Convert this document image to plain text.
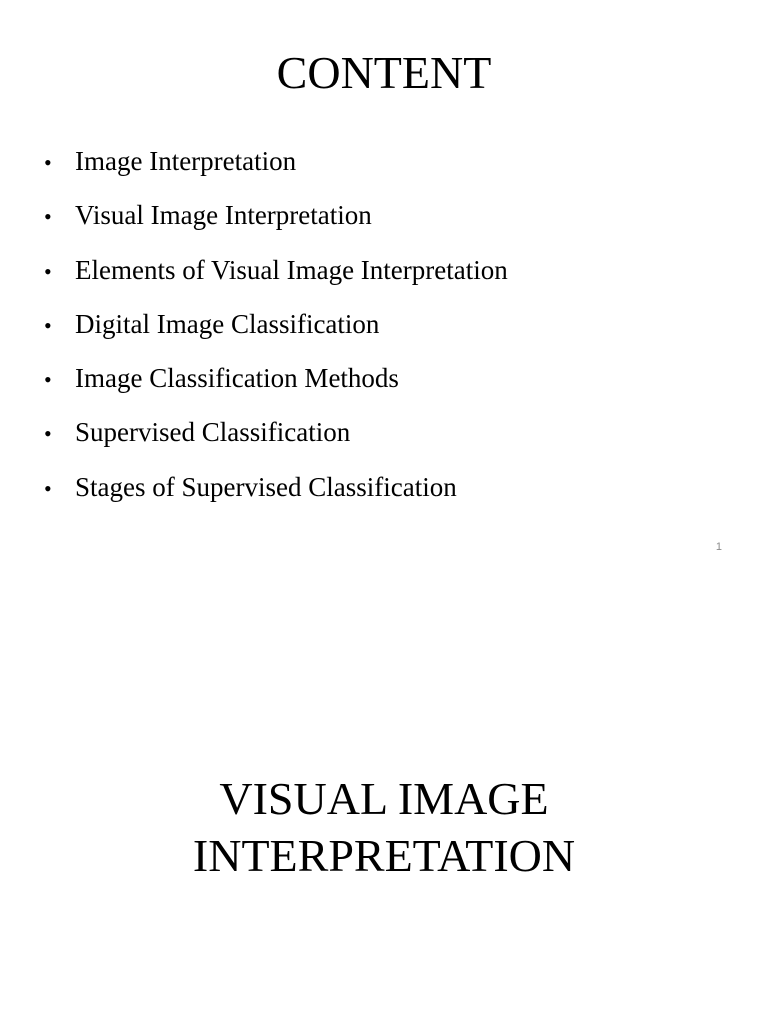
CONTENT
• Image Interpretation
• Visual Image Interpretation
• Elements of Visual Image Interpretation
• Digital Image Classification
• Image Classification Methods
• Supervised Classification
• Stages of Supervised Classification
1
VISUAL IMAGE
INTERPRETATION
